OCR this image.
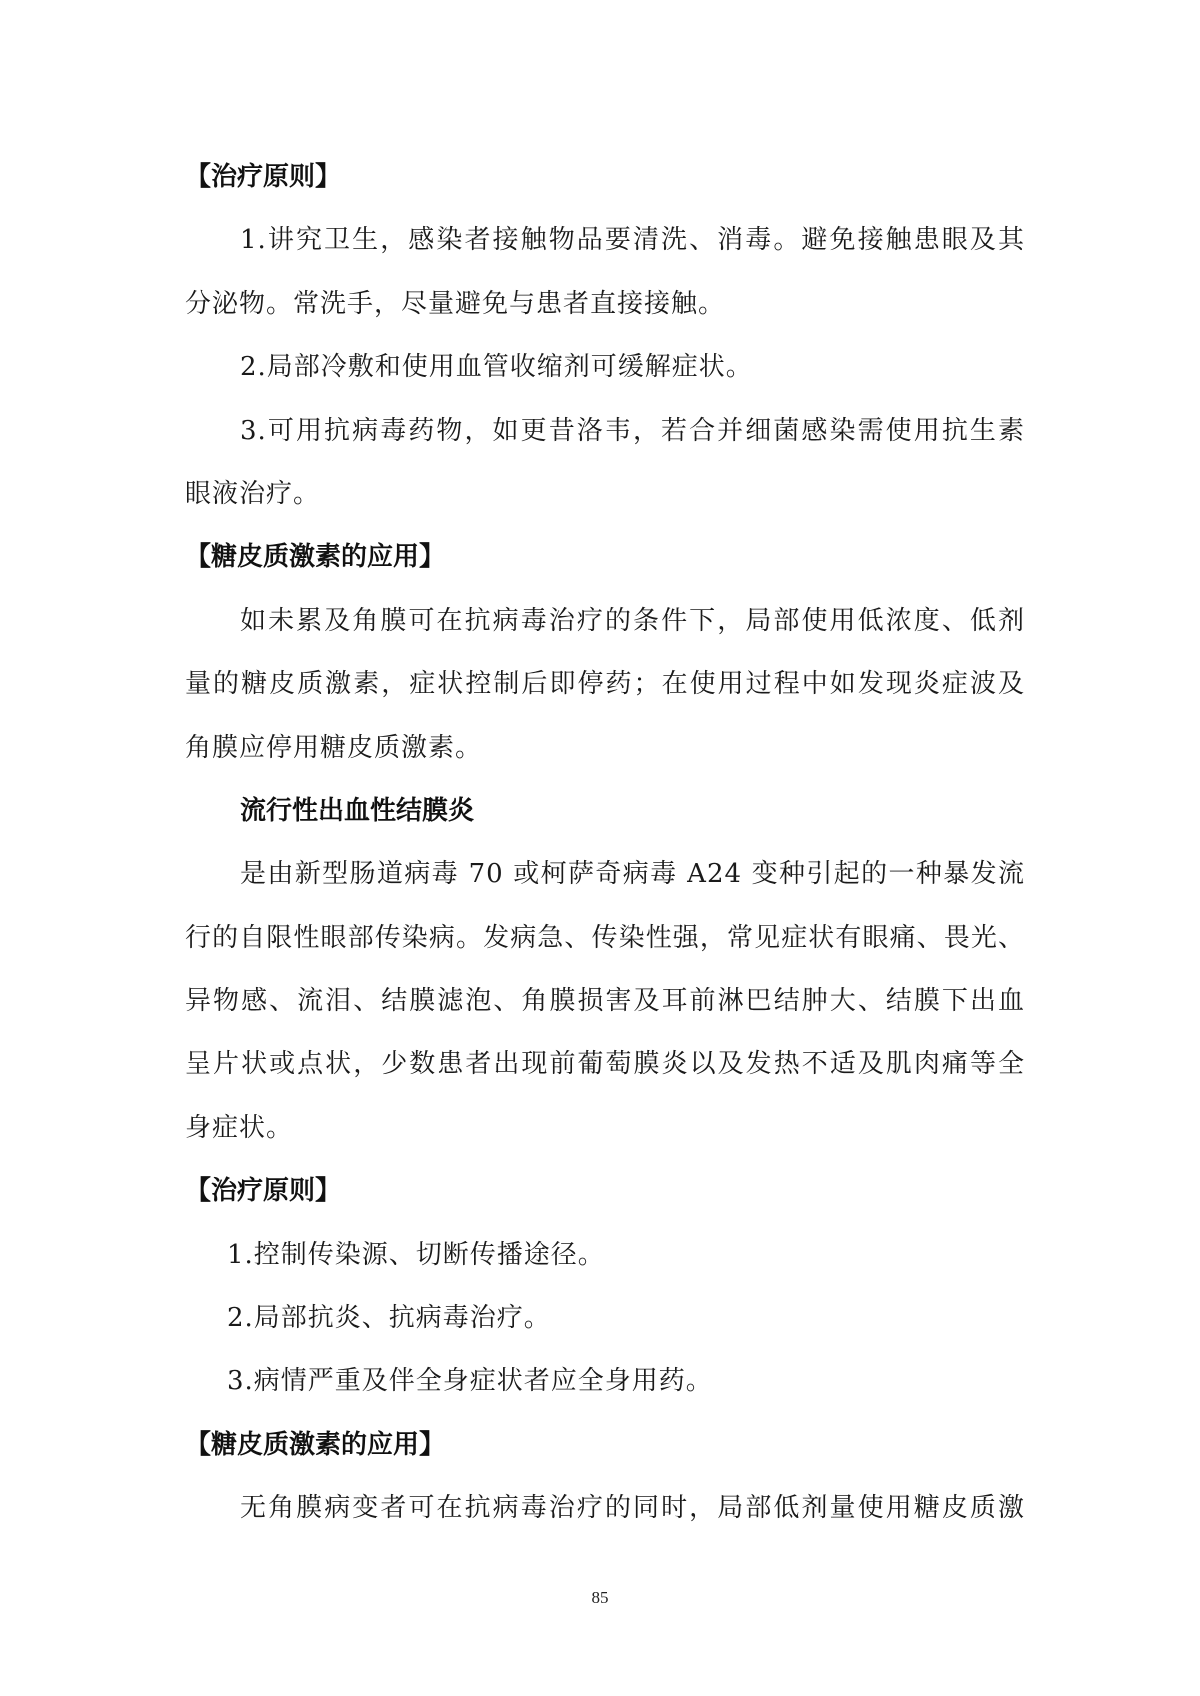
【治疗原则】
1.讲究卫生，感染者接触物品要清洗、消毒。避免接触患眼及其
分泌物。常洗手，尽量避免与患者直接接触。
2.局部冷敷和使用血管收缩剂可缓解症状。
3.可用抗病毒药物，如更昔洛韦，若合并细菌感染需使用抗生素
眼液治疗。
【糖皮质激素的应用】
如未累及角膜可在抗病毒治疗的条件下，局部使用低浓度、低剂
量的糖皮质激素，症状控制后即停药；在使用过程中如发现炎症波及
角膜应停用糖皮质激素。
流行性出血性结膜炎
是由新型肠道病毒 70 或柯萨奇病毒 A24 变种引起的一种暴发流
行的自限性眼部传染病。发病急、传染性强，常见症状有眼痛、畏光、
异物感、流泪、结膜滤泡、角膜损害及耳前淋巴结肿大、结膜下出血
呈片状或点状，少数患者出现前葡萄膜炎以及发热不适及肌肉痛等全
身症状。
【治疗原则】
1.控制传染源、切断传播途径。
2.局部抗炎、抗病毒治疗。
3.病情严重及伴全身症状者应全身用药。
【糖皮质激素的应用】
无角膜病变者可在抗病毒治疗的同时，局部低剂量使用糖皮质激
85
